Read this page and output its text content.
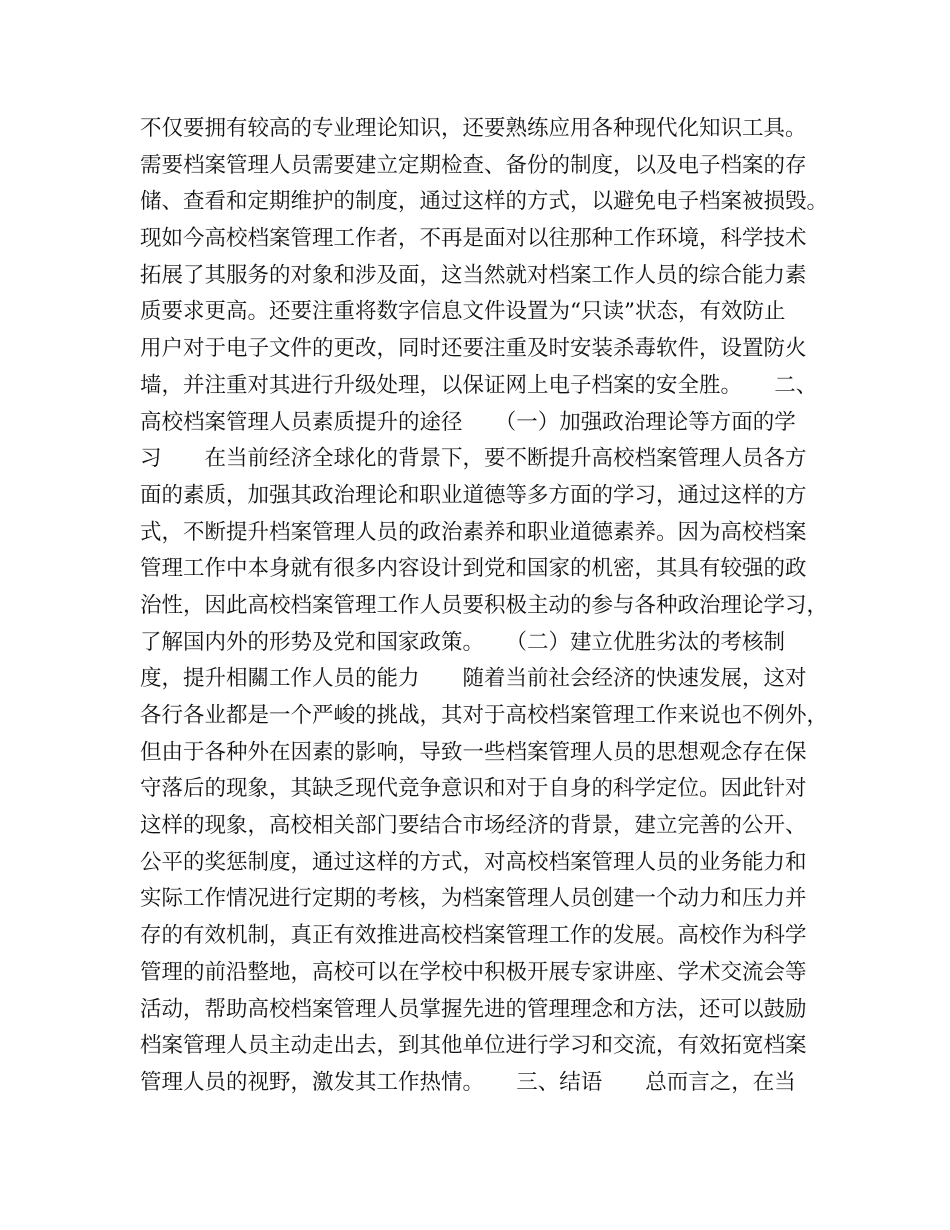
不仅要拥有较高的专业理论知识，还要熟练应用各种现代化知识工具。
需要档案管理人员需要建立定期检查、备份的制度，以及电子档案的存
储、查看和定期维护的制度，通过这样的方式，以避免电子档案被损毁。
现如今高校档案管理工作者，不再是面对以往那种工作环境，科学技术
拓展了其服务的对象和涉及面，这当然就对档案工作人员的综合能力素
质要求更高。还要注重将数字信息文件设置为“只读”状态，有效防止
用户对于电子文件的更改，同时还要注重及时安装杀毒软件，设置防火
墙，并注重对其进行升级处理，以保证网上电子档案的安全胜。　　二、
高校档案管理人员素质提升的途径　　（一）加强政治理论等方面的学
习　　在当前经济全球化的背景下，要不断提升高校档案管理人员各方
面的素质，加强其政治理论和职业道德等多方面的学习，通过这样的方
式，不断提升档案管理人员的政治素养和职业道德素养。因为高校档案
管理工作中本身就有很多内容设计到党和国家的机密，其具有较强的政
治性，因此高校档案管理工作人员要积极主动的参与各种政治理论学习，
了解国内外的形势及党和国家政策。　　（二）建立优胜劣汰的考核制
度，提升相關工作人员的能力　　随着当前社会经济的快速发展，这对
各行各业都是一个严峻的挑战，其对于高校档案管理工作来说也不例外，
但由于各种外在因素的影响，导致一些档案管理人员的思想观念存在保
守落后的现象，其缺乏现代竞争意识和对于自身的科学定位。因此针对
这样的现象，高校相关部门要结合市场经济的背景，建立完善的公开、
公平的奖惩制度，通过这样的方式，对高校档案管理人员的业务能力和
实际工作情况进行定期的考核，为档案管理人员创建一个动力和压力并
存的有效机制，真正有效推进高校档案管理工作的发展。高校作为科学
管理的前沿整地，高校可以在学校中积极开展专家讲座、学术交流会等
活动，帮助高校档案管理人员掌握先进的管理理念和方法，还可以鼓励
档案管理人员主动走出去，到其他单位进行学习和交流，有效拓宽档案
管理人员的视野，激发其工作热情。　　三、结语　　总而言之，在当
